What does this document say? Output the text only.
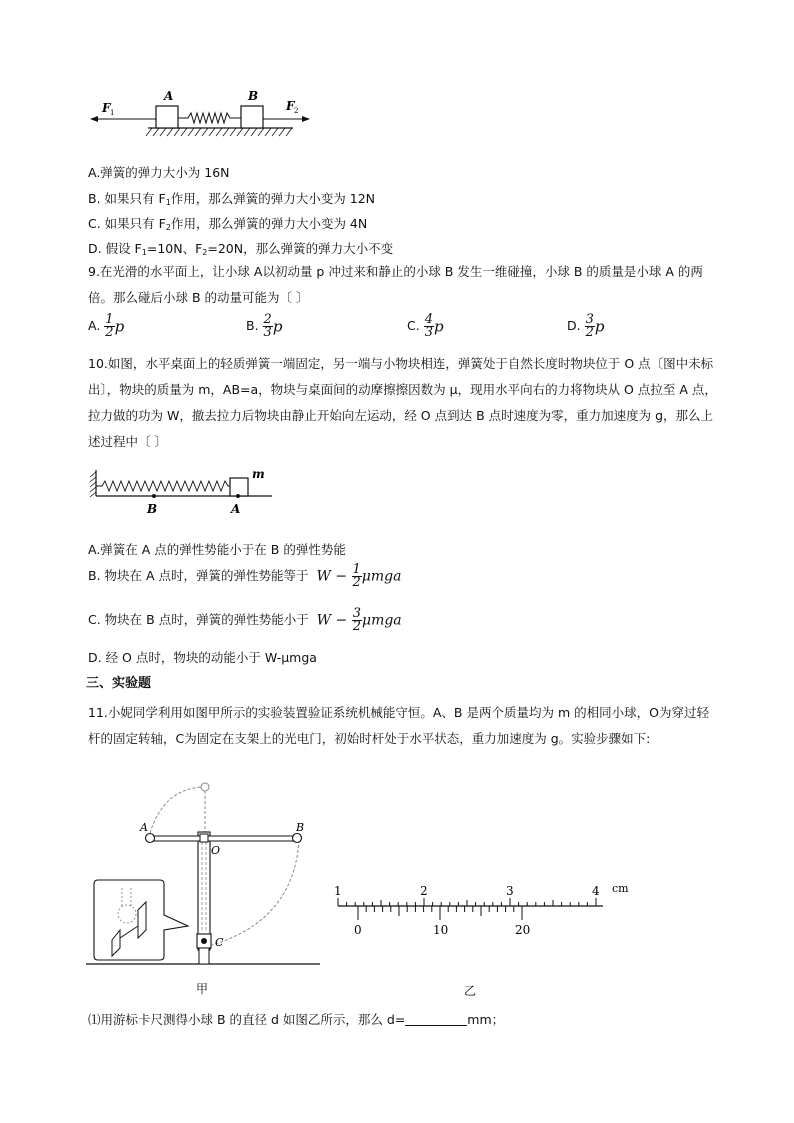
A	B
F 1	F 2
A.弹簧的弹力大小为 16N
B. 如果只有 $F_1$作用，那么弹簧的弹力大小变为 12N
C. 如果只有 $F_2$作用，那么弹簧的弹力大小变为 4N
D. 假设 $F_1=10N$、$F_2=20N$，那么弹簧的弹力大小不变
9.在光滑的水平面上，让小球 A以初动量 p 冲过来和静止的小球 B 发生一维碰撞，小球 B 的质量是小球 A 的两倍。那么碰后小球 B 的动量可能为〔 〕
A. $\frac{1}{2}$ p	B. $\frac{2}{3}$ p	C. $\frac{4}{3}$ p	D. $\frac{3}{2}$ p
10.如图，水平桌面上的轻质弹簧一端固定，另一端与小物块相连，弹簧处于自然长度时物块位于 O 点〔图中未标出〕，物块的质量为 m，AB=a，物块与桌面间的动摩擦擦因数为 μ，现用水平向右的力将物块从 O 点拉至 A 点，拉力做的功为 W，撤去拉力后物块由静止开始向左运动，经 O 点到达 B 点时速度为零，重力加速度为 g，那么上述过程中〔 〕
m
B	A
A.弹簧在 A 点的弹性势能小于在 B 的弹性势能
B. 物块在 A 点时，弹簧的弹性势能等于 $W - \frac{1}{2}$ μmga
C. 物块在 B 点时，弹簧的弹性势能小于 $W - \frac{3}{2}$ μmga
D. 经 O 点时，物块的动能小于 W-μmga
三、实验题
11.小妮同学利用如图甲所示的实验装置验证系统机械能守恒。A、B 是两个质量均为 m 的相同小球，O为穿过轻杆的固定转轴，C为固定在支架上的光电门，初始时杆处于水平状态，重力加速度为 g。实验步骤如下:
A	B
O
C
甲
1	2	3	4 cm
0	10	20
乙
⑴用游标卡尺测得小球 B 的直径 d 如图乙所示，那么 d=	mm；
